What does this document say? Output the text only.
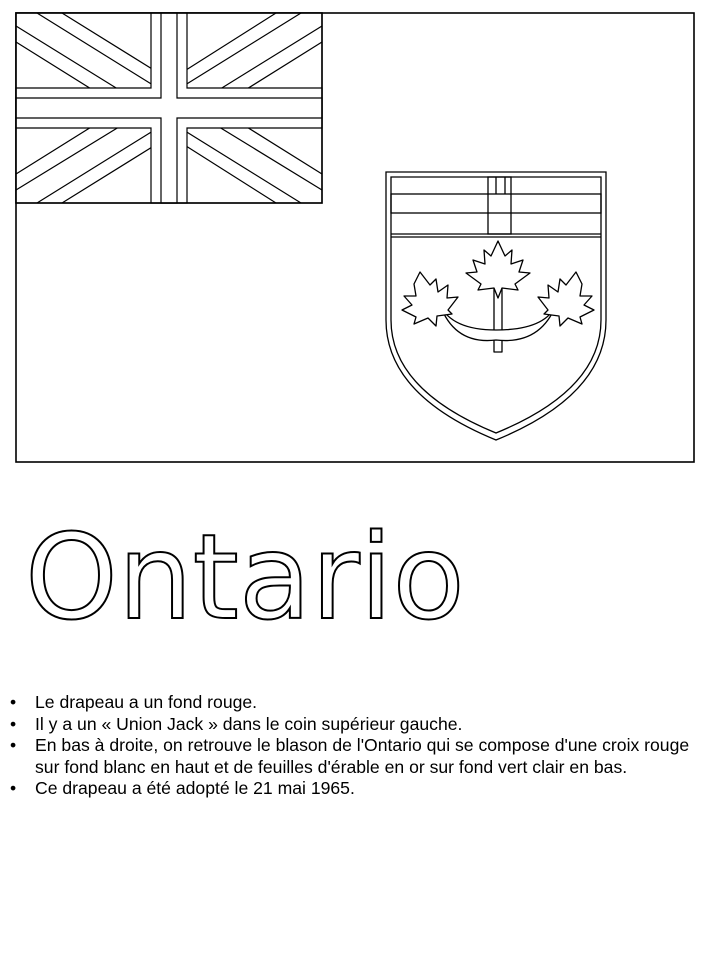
Ontario
•	Le drapeau a un fond rouge.
•	Il y a un « Union Jack » dans le coin supérieur gauche.
•	En bas à droite, on retrouve le blason de l'Ontario qui se compose d'une croix rouge sur fond blanc en haut et de feuilles d'érable en or sur fond vert clair en bas.
•	Ce drapeau a été adopté le 21 mai 1965.
